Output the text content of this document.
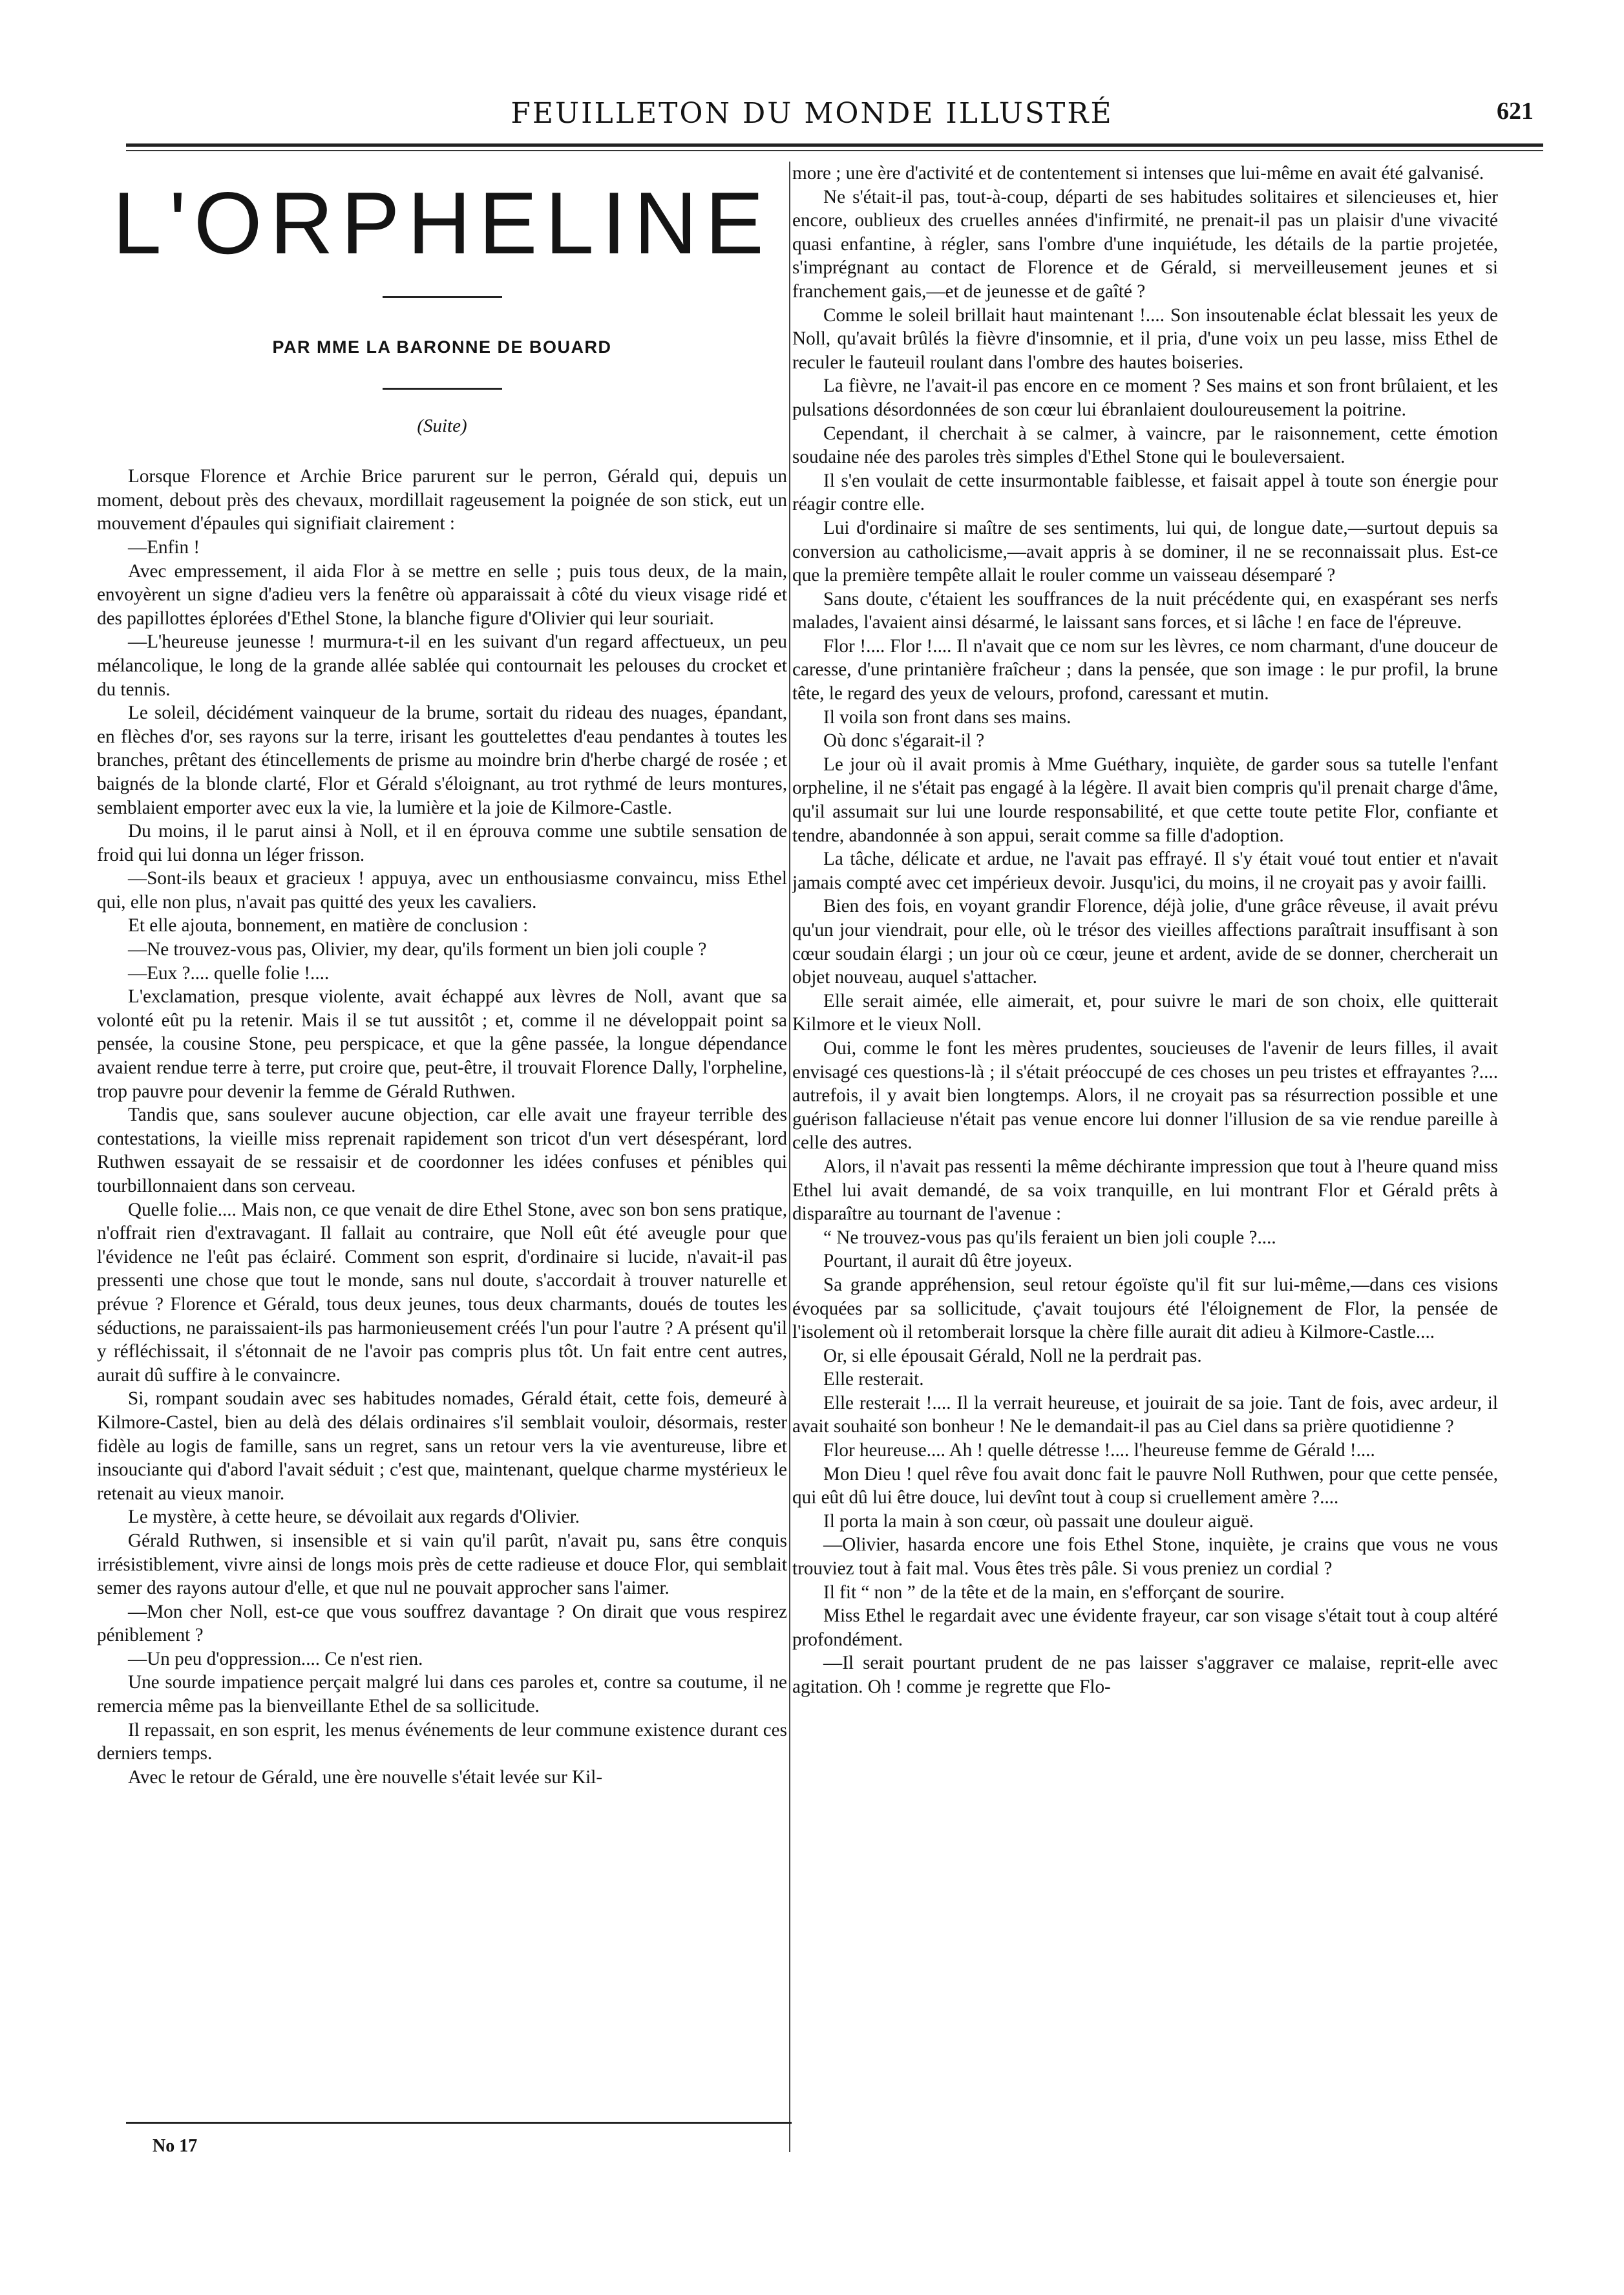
FEUILLETON DU MONDE ILLUSTRÉ	621
L'ORPHELINE
PAR MME LA BARONNE DE BOUARD
(Suite)

Lorsque Florence et Archie Brice parurent sur le perron, Gérald qui, depuis un moment, debout près des chevaux, mordillait rageusement la poignée de son stick, eut un mouvement d'épaules qui signifiait clairement :

—Enfin !

Avec empressement, il aida Flor à se mettre en selle ; puis tous deux, de la main, envoyèrent un signe d'adieu vers la fenêtre où apparaissait à côté du vieux visage ridé et des papillottes éplorées d'Ethel Stone, la blanche figure d'Olivier qui leur souriait.

—L'heureuse jeunesse ! murmura-t-il en les suivant d'un regard affectueux, un peu mélancolique, le long de la grande allée sablée qui contournait les pelouses du crocket et du tennis.

Le soleil, décidément vainqueur de la brume, sortait du rideau des nuages, épandant, en flèches d'or, ses rayons sur la terre, irisant les gouttelettes d'eau pendantes à toutes les branches, prêtant des étincellements de prisme au moindre brin d'herbe chargé de rosée ; et baignés de la blonde clarté, Flor et Gérald s'éloignant, au trot rythmé de leurs montures, semblaient emporter avec eux la vie, la lumière et la joie de Kilmore-Castle.

Du moins, il le parut ainsi à Noll, et il en éprouva comme une subtile sensation de froid qui lui donna un léger frisson.

—Sont-ils beaux et gracieux ! appuya, avec un enthousiasme convaincu, miss Ethel qui, elle non plus, n'avait pas quitté des yeux les cavaliers.

Et elle ajouta, bonnement, en matière de conclusion :

—Ne trouvez-vous pas, Olivier, my dear, qu'ils forment un bien joli couple ?

—Eux ?.... quelle folie !....

L'exclamation, presque violente, avait échappé aux lèvres de Noll, avant que sa volonté eût pu la retenir. Mais il se tut aussitôt ; et, comme il ne développait point sa pensée, la cousine Stone, peu perspicace, et que la gêne passée, la longue dépendance avaient rendue terre à terre, put croire que, peut-être, il trouvait Florence Dally, l'orpheline, trop pauvre pour devenir la femme de Gérald Ruthwen.

Tandis que, sans soulever aucune objection, car elle avait une frayeur terrible des contestations, la vieille miss reprenait rapidement son tricot d'un vert désespérant, lord Ruthwen essayait de se ressaisir et de coordonner les idées confuses et pénibles qui tourbillonnaient dans son cerveau.

Quelle folie.... Mais non, ce que venait de dire Ethel Stone, avec son bon sens pratique, n'offrait rien d'extravagant. Il fallait au contraire, que Noll eût été aveugle pour que l'évidence ne l'eût pas éclairé. Comment son esprit, d'ordinaire si lucide, n'avait-il pas pressenti une chose que tout le monde, sans nul doute, s'accordait à trouver naturelle et prévue ? Florence et Gérald, tous deux jeunes, tous deux charmants, doués de toutes les séductions, ne paraissaient-ils pas harmonieusement créés l'un pour l'autre ? A présent qu'il y réfléchissait, il s'étonnait de ne l'avoir pas compris plus tôt. Un fait entre cent autres, aurait dû suffire à le convaincre.

Si, rompant soudain avec ses habitudes nomades, Gérald était, cette fois, demeuré à Kilmore-Castel, bien au delà des délais ordinaires s'il semblait vouloir, désormais, rester fidèle au logis de famille, sans un regret, sans un retour vers la vie aventureuse, libre et insouciante qui d'abord l'avait séduit ; c'est que, maintenant, quelque charme mystérieux le retenait au vieux manoir.

Le mystère, à cette heure, se dévoilait aux regards d'Olivier.

Gérald Ruthwen, si insensible et si vain qu'il parût, n'avait pu, sans être conquis irrésistiblement, vivre ainsi de longs mois près de cette radieuse et douce Flor, qui semblait semer des rayons autour d'elle, et que nul ne pouvait approcher sans l'aimer.

—Mon cher Noll, est-ce que vous souffrez davantage ? On dirait que vous respirez péniblement ?

—Un peu d'oppression.... Ce n'est rien.

Une sourde impatience perçait malgré lui dans ces paroles et, contre sa coutume, il ne remercia même pas la bienveillante Ethel de sa sollicitude.

Il repassait, en son esprit, les menus événements de leur commune existence durant ces derniers temps.

Avec le retour de Gérald, une ère nouvelle s'était levée sur Kil-

more ; une ère d'activité et de contentement si intenses que lui-même en avait été galvanisé.

Ne s'était-il pas, tout-à-coup, départi de ses habitudes solitaires et silencieuses et, hier encore, oublieux des cruelles années d'infirmité, ne prenait-il pas un plaisir d'une vivacité quasi enfantine, à régler, sans l'ombre d'une inquiétude, les détails de la partie projetée, s'imprégnant au contact de Florence et de Gérald, si merveilleusement jeunes et si franchement gais,—et de jeunesse et de gaîté ?

Comme le soleil brillait haut maintenant !.... Son insoutenable éclat blessait les yeux de Noll, qu'avait brûlés la fièvre d'insomnie, et il pria, d'une voix un peu lasse, miss Ethel de reculer le fauteuil roulant dans l'ombre des hautes boiseries.

La fièvre, ne l'avait-il pas encore en ce moment ? Ses mains et son front brûlaient, et les pulsations désordonnées de son cœur lui ébranlaient douloureusement la poitrine.

Cependant, il cherchait à se calmer, à vaincre, par le raisonnement, cette émotion soudaine née des paroles très simples d'Ethel Stone qui le bouleversaient.

Il s'en voulait de cette insurmontable faiblesse, et faisait appel à toute son énergie pour réagir contre elle.

Lui d'ordinaire si maître de ses sentiments, lui qui, de longue date,—surtout depuis sa conversion au catholicisme,—avait appris à se dominer, il ne se reconnaissait plus. Est-ce que la première tempête allait le rouler comme un vaisseau désemparé ?

Sans doute, c'étaient les souffrances de la nuit précédente qui, en exaspérant ses nerfs malades, l'avaient ainsi désarmé, le laissant sans forces, et si lâche ! en face de l'épreuve.

Flor !.... Flor !.... Il n'avait que ce nom sur les lèvres, ce nom charmant, d'une douceur de caresse, d'une printanière fraîcheur ; dans la pensée, que son image : le pur profil, la brune tête, le regard des yeux de velours, profond, caressant et mutin.

Il voila son front dans ses mains.

Où donc s'égarait-il ?

Le jour où il avait promis à Mme Guéthary, inquiète, de garder sous sa tutelle l'enfant orpheline, il ne s'était pas engagé à la légère. Il avait bien compris qu'il prenait charge d'âme, qu'il assumait sur lui une lourde responsabilité, et que cette toute petite Flor, confiante et tendre, abandonnée à son appui, serait comme sa fille d'adoption.

La tâche, délicate et ardue, ne l'avait pas effrayé. Il s'y était voué tout entier et n'avait jamais compté avec cet impérieux devoir. Jusqu'ici, du moins, il ne croyait pas y avoir failli.

Bien des fois, en voyant grandir Florence, déjà jolie, d'une grâce rêveuse, il avait prévu qu'un jour viendrait, pour elle, où le trésor des vieilles affections paraîtrait insuffisant à son cœur soudain élargi ; un jour où ce cœur, jeune et ardent, avide de se donner, chercherait un objet nouveau, auquel s'attacher.

Elle serait aimée, elle aimerait, et, pour suivre le mari de son choix, elle quitterait Kilmore et le vieux Noll.

Oui, comme le font les mères prudentes, soucieuses de l'avenir de leurs filles, il avait envisagé ces questions-là ; il s'était préoccupé de ces choses un peu tristes et effrayantes ?.... autrefois, il y avait bien longtemps. Alors, il ne croyait pas sa résurrection possible et une guérison fallacieuse n'était pas venue encore lui donner l'illusion de sa vie rendue pareille à celle des autres.

Alors, il n'avait pas ressenti la même déchirante impression que tout à l'heure quand miss Ethel lui avait demandé, de sa voix tranquille, en lui montrant Flor et Gérald prêts à disparaître au tournant de l'avenue :

“ Ne trouvez-vous pas qu'ils feraient un bien joli couple ?....

Pourtant, il aurait dû être joyeux.

Sa grande appréhension, seul retour égoïste qu'il fit sur lui-même,—dans ces visions évoquées par sa sollicitude, ç'avait toujours été l'éloignement de Flor, la pensée de l'isolement où il retomberait lorsque la chère fille aurait dit adieu à Kilmore-Castle....

Or, si elle épousait Gérald, Noll ne la perdrait pas.

Elle resterait.

Elle resterait !.... Il la verrait heureuse, et jouirait de sa joie. Tant de fois, avec ardeur, il avait souhaité son bonheur ! Ne le demandait-il pas au Ciel dans sa prière quotidienne ?

Flor heureuse.... Ah ! quelle détresse !.... l'heureuse femme de Gérald !....

Mon Dieu ! quel rêve fou avait donc fait le pauvre Noll Ruthwen, pour que cette pensée, qui eût dû lui être douce, lui devînt tout à coup si cruellement amère ?....

Il porta la main à son cœur, où passait une douleur aiguë.

—Olivier, hasarda encore une fois Ethel Stone, inquiète, je crains que vous ne vous trouviez tout à fait mal. Vous êtes très pâle. Si vous preniez un cordial ?

Il fit “ non ” de la tête et de la main, en s'efforçant de sourire.

Miss Ethel le regardait avec une évidente frayeur, car son visage s'était tout à coup altéré profondément.

—Il serait pourtant prudent de ne pas laisser s'aggraver ce malaise, reprit-elle avec agitation. Oh ! comme je regrette que Flo-

No 17
